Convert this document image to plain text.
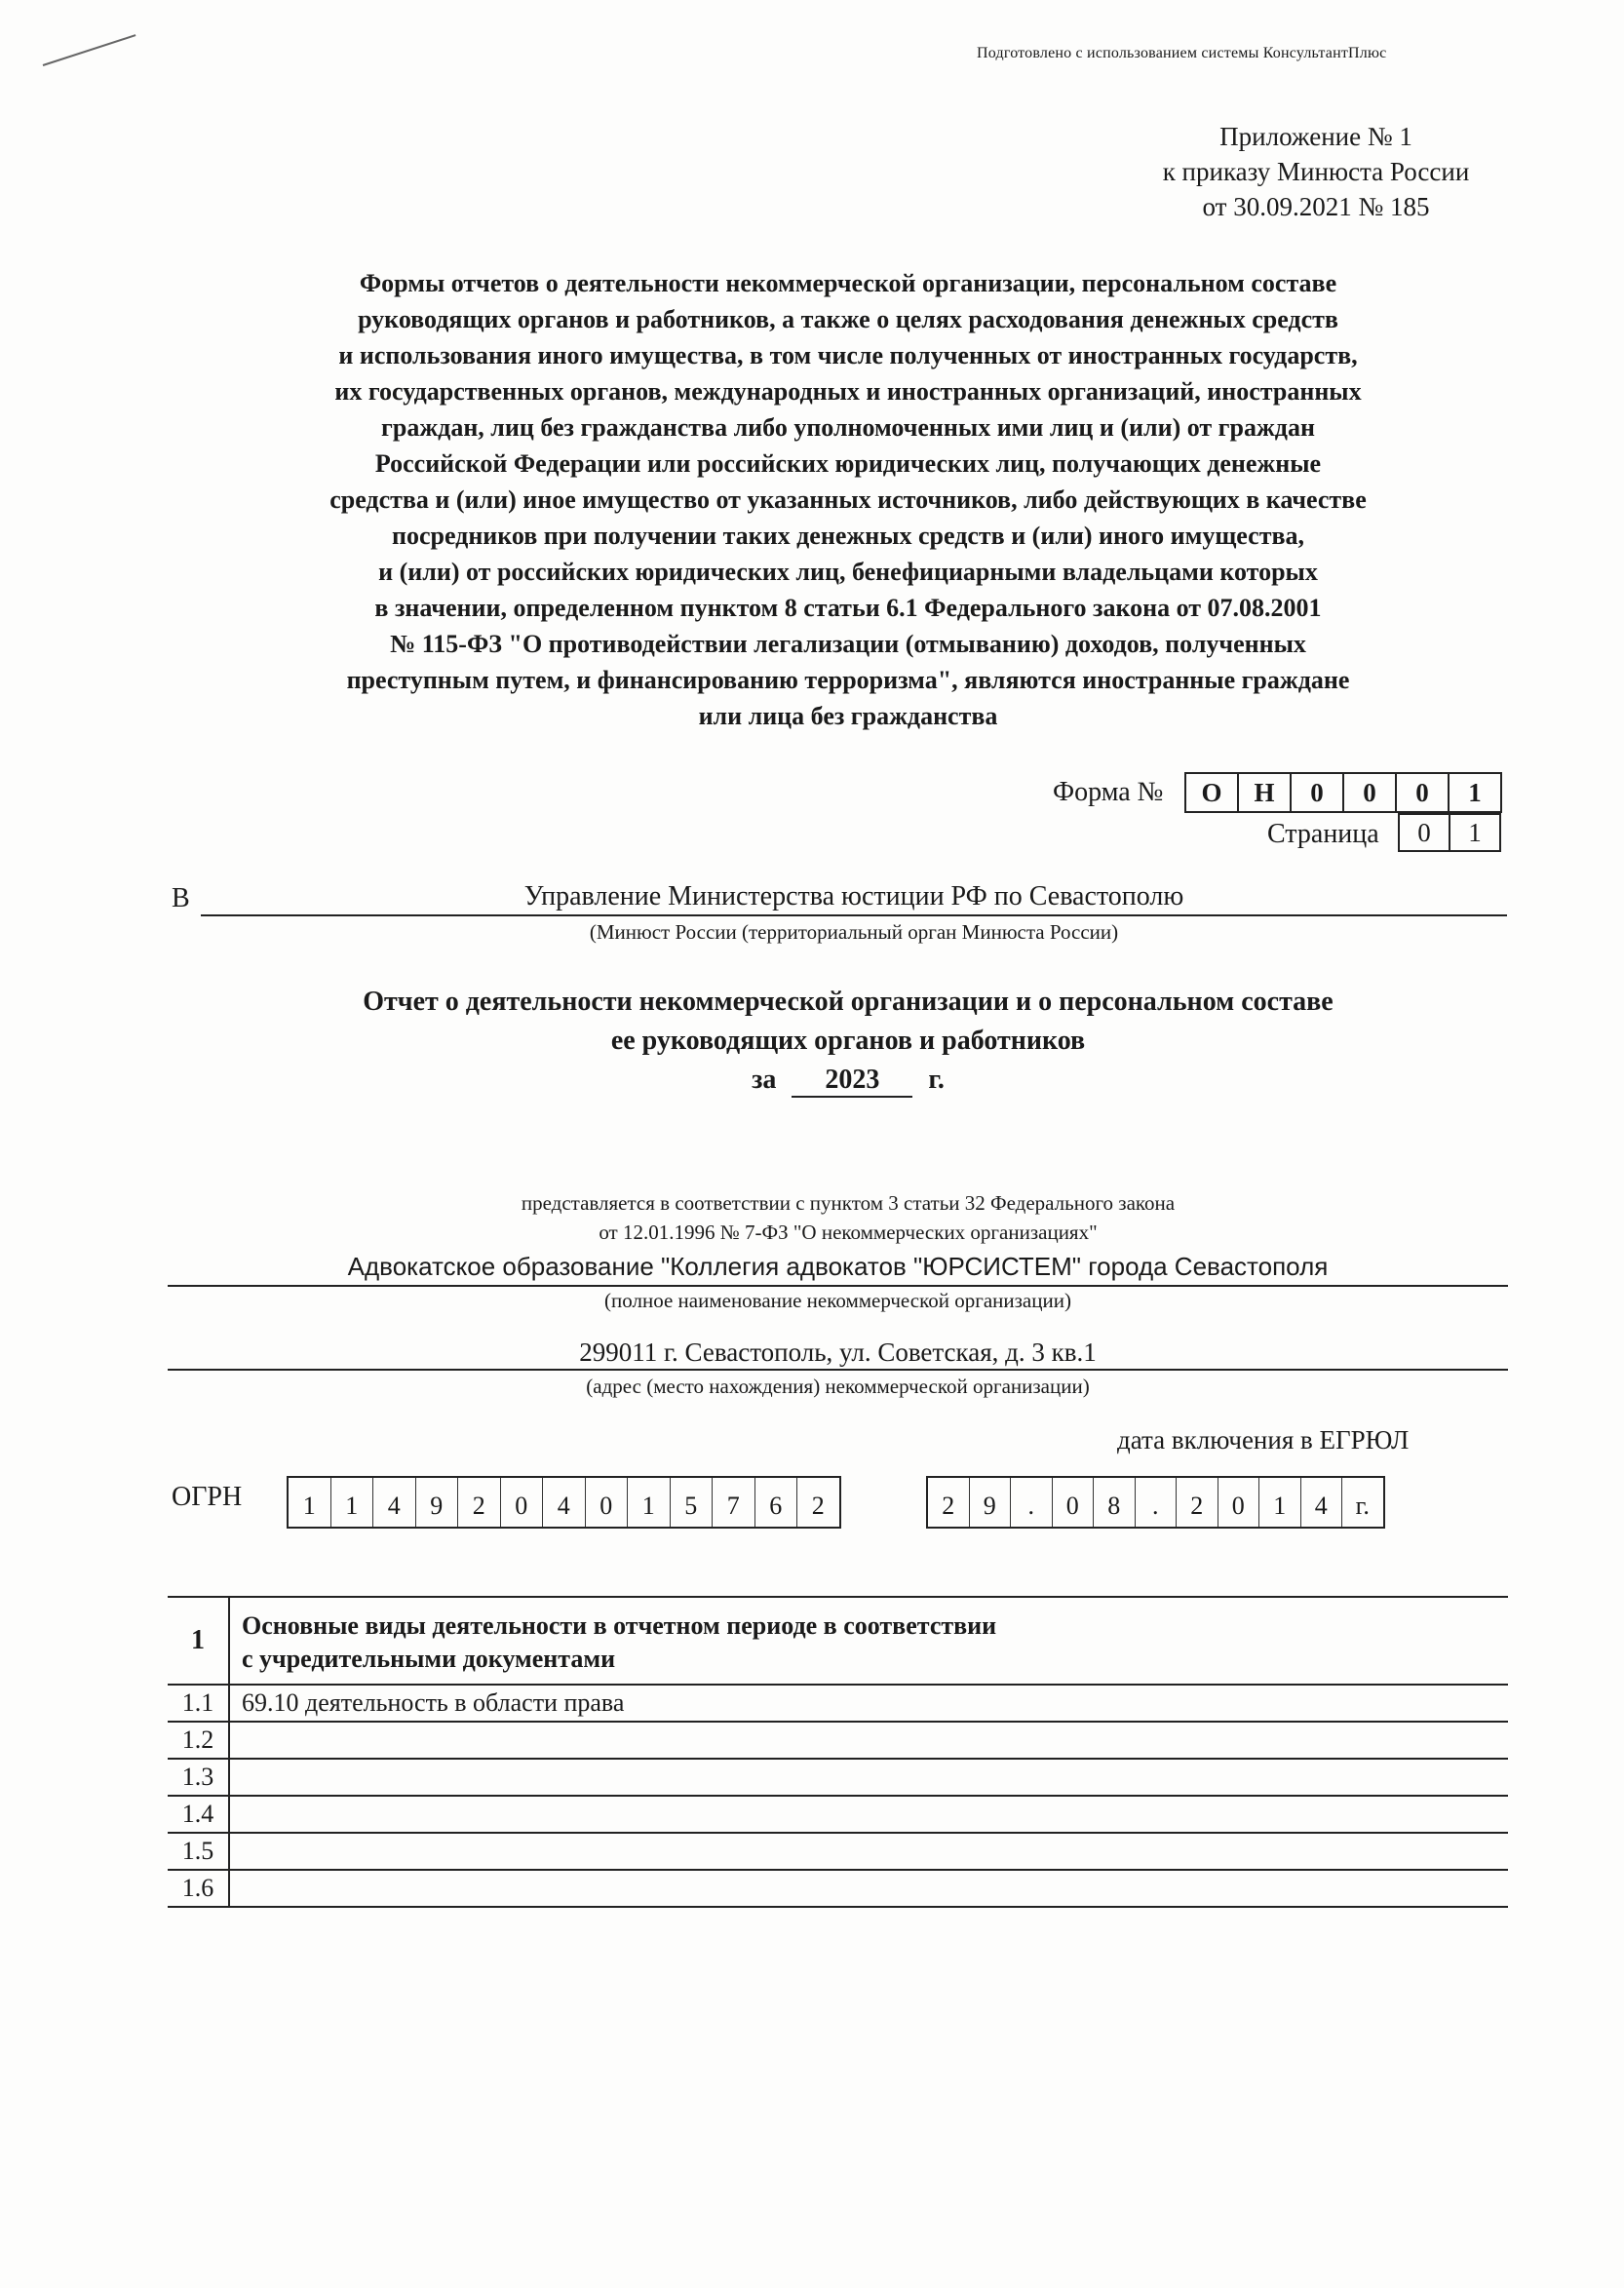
Подготовлено с использованием системы КонсультантПлюс
Приложение № 1
к приказу Минюста России
от 30.09.2021 № 185
Формы отчетов о деятельности некоммерческой организации, персональном составе
руководящих органов и работников, а также о целях расходования денежных средств
и использования иного имущества, в том числе полученных от иностранных государств,
их государственных органов, международных и иностранных организаций, иностранных
граждан, лиц без гражданства либо уполномоченных ими лиц и (или) от граждан
Российской Федерации или российских юридических лиц, получающих денежные
средства и (или) иное имущество от указанных источников, либо действующих в качестве
посредников при получении таких денежных средств и (или) иного имущества,
и (или) от российских юридических лиц, бенефициарными владельцами которых
в значении, определенном пунктом 8 статьи 6.1 Федерального закона от 07.08.2001
№ 115-ФЗ "О противодействии легализации (отмыванию) доходов, полученных
преступным путем, и финансированию терроризма", являются иностранные граждане
или лица без гражданства
Форма №	О	Н	0	0	0	1
Страница	0	1
В	Управление Министерства юстиции РФ по Севастополю
(Минюст России (территориальный орган Минюста России)
Отчет о деятельности некоммерческой организации и о персональном составе
ее руководящих органов и работников
за 2023 г.
представляется в соответствии с пунктом 3 статьи 32 Федерального закона
от 12.01.1996 № 7-ФЗ "О некоммерческих организациях"
Адвокатское образование "Коллегия адвокатов "ЮРСИСТЕМ" города Севастополя
(полное наименование некоммерческой организации)
299011 г. Севастополь, ул. Советская, д. 3 кв.1
(адрес (место нахождения) некоммерческой организации)
дата включения в ЕГРЮЛ
ОГРН	1	1	4	9	2	0	4	0	1	5	7	6	2	2	9	.	0	8	.	2	0	1	4	г.
1	Основные виды деятельности в отчетном периоде в соответствии
с учредительными документами

1.1	69.10 деятельность в области права
1.2	
1.3	
1.4	
1.5	
1.6	
